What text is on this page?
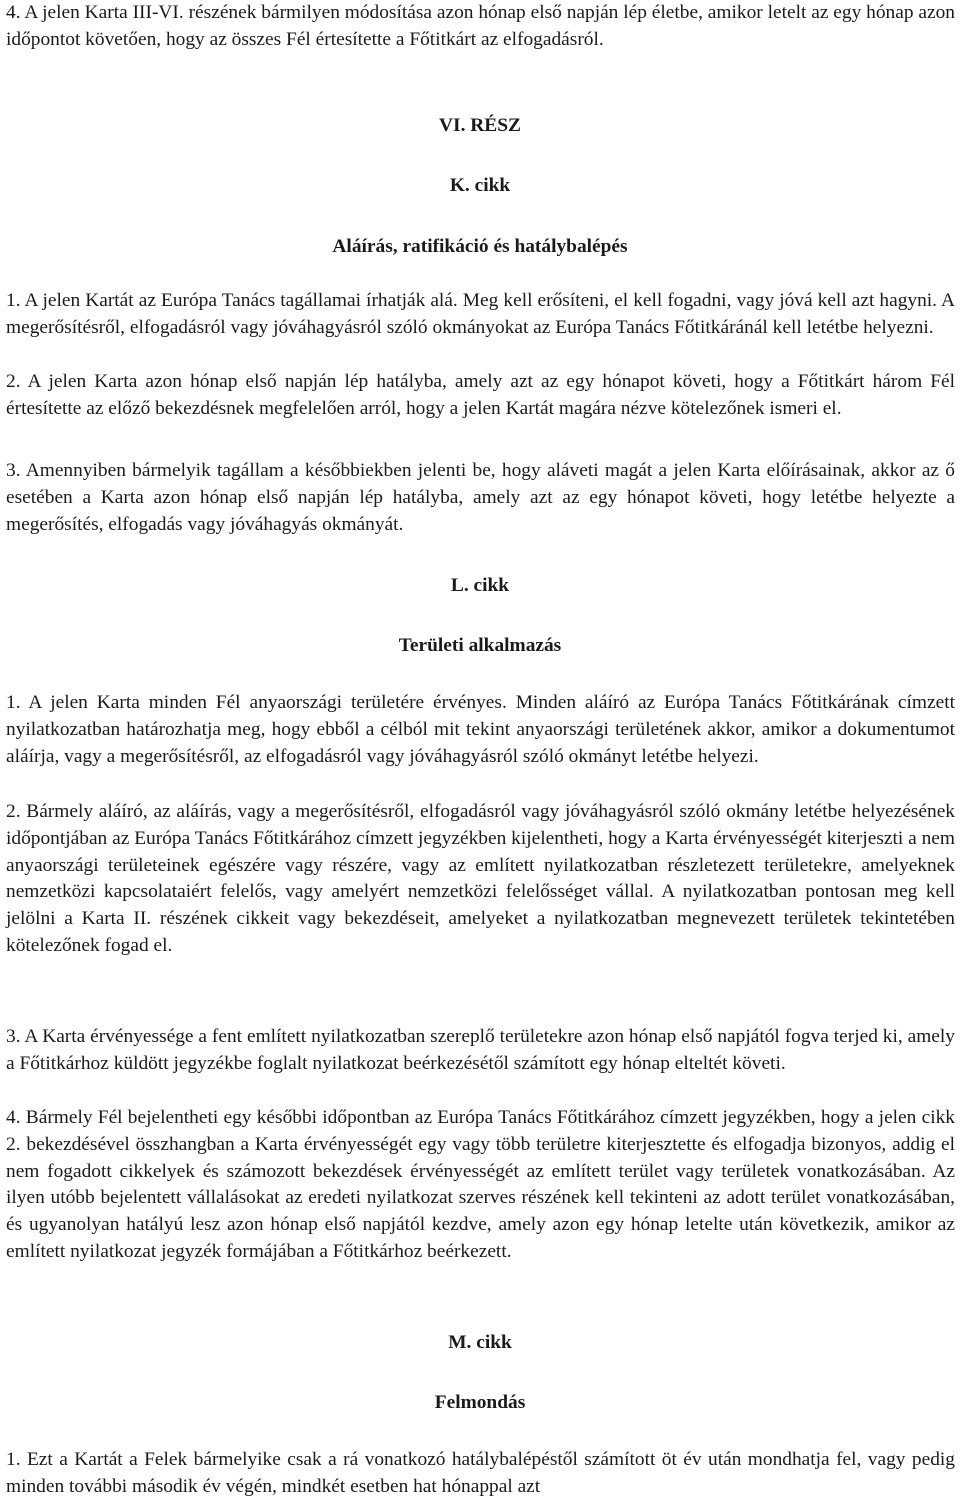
4. A jelen Karta III-VI. részének bármilyen módosítása azon hónap első napján lép életbe, amikor letelt az egy hónap azon időpontot követően, hogy az összes Fél értesítette a Főtitkárt az elfogadásról.

VI. RÉSZ

K. cikk

Aláírás, ratifikáció és hatálybalépés

1. A jelen Kartát az Európa Tanács tagállamai írhatják alá. Meg kell erősíteni, el kell fogadni, vagy jóvá kell azt hagyni. A megerősítésről, elfogadásról vagy jóváhagyásról szóló okmányokat az Európa Tanács Főtitkáránál kell letétbe helyezni.

2. A jelen Karta azon hónap első napján lép hatályba, amely azt az egy hónapot követi, hogy a Főtitkárt három Fél értesítette az előző bekezdésnek megfelelően arról, hogy a jelen Kartát magára nézve kötelezőnek ismeri el.

3. Amennyiben bármelyik tagállam a későbbiekben jelenti be, hogy aláveti magát a jelen Karta előírásainak, akkor az ő esetében a Karta azon hónap első napján lép hatályba, amely azt az egy hónapot követi, hogy letétbe helyezte a megerősítés, elfogadás vagy jóváhagyás okmányát.

L. cikk

Területi alkalmazás

1. A jelen Karta minden Fél anyaországi területére érvényes. Minden aláíró az Európa Tanács Főtitkárának címzett nyilatkozatban határozhatja meg, hogy ebből a célból mit tekint anyaországi területének akkor, amikor a dokumentumot aláírja, vagy a megerősítésről, az elfogadásról vagy jóváhagyásról szóló okmányt letétbe helyezi.

2. Bármely aláíró, az aláírás, vagy a megerősítésről, elfogadásról vagy jóváhagyásról szóló okmány letétbe helyezésének időpontjában az Európa Tanács Főtitkárához címzett jegyzékben kijelentheti, hogy a Karta érvényességét kiterjeszti a nem anyaországi területeinek egészére vagy részére, vagy az említett nyilatkozatban részletezett területekre, amelyeknek nemzetközi kapcsolataiért felelős, vagy amelyért nemzetközi felelősséget vállal. A nyilatkozatban pontosan meg kell jelölni a Karta II. részének cikkeit vagy bekezdéseit, amelyeket a nyilatkozatban megnevezett területek tekintetében kötelezőnek fogad el.

3. A Karta érvényessége a fent említett nyilatkozatban szereplő területekre azon hónap első napjától fogva terjed ki, amely a Főtitkárhoz küldött jegyzékbe foglalt nyilatkozat beérkezésétől számított egy hónap elteltét követi.

4. Bármely Fél bejelentheti egy későbbi időpontban az Európa Tanács Főtitkárához címzett jegyzékben, hogy a jelen cikk 2. bekezdésével összhangban a Karta érvényességét egy vagy több területre kiterjesztette és elfogadja bizonyos, addig el nem fogadott cikkelyek és számozott bekezdések érvényességét az említett terület vagy területek vonatkozásában. Az ilyen utóbb bejelentett vállalásokat az eredeti nyilatkozat szerves részének kell tekinteni az adott terület vonatkozásában, és ugyanolyan hatályú lesz azon hónap első napjától kezdve, amely azon egy hónap letelte után következik, amikor az említett nyilatkozat jegyzék formájában a Főtitkárhoz beérkezett.

M. cikk

Felmondás

1. Ezt a Kartát a Felek bármelyike csak a rá vonatkozó hatálybalépéstől számított öt év után mondhatja fel, vagy pedig minden további második év végén, mindkét esetben hat hónappal azt
